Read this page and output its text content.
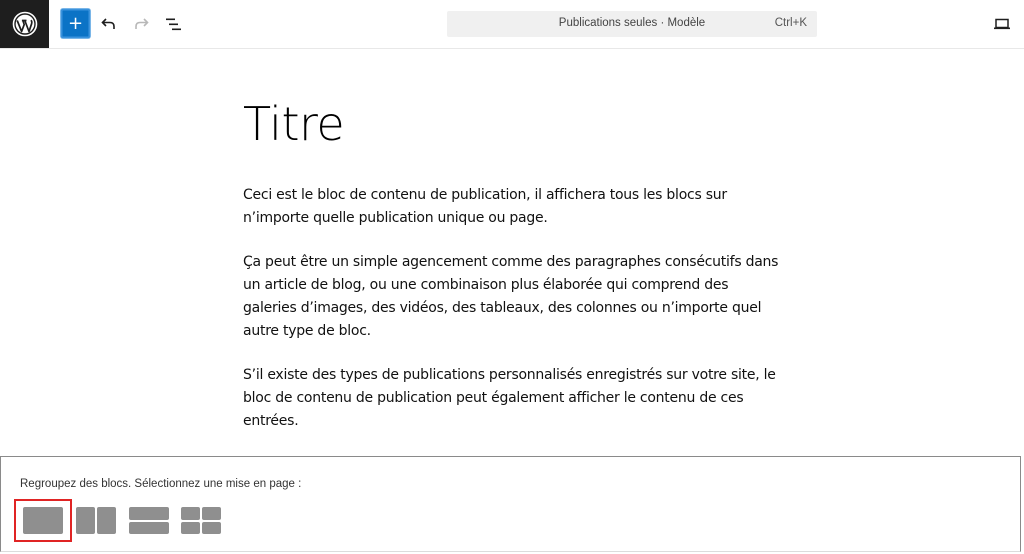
+	Publications seules · Modèle	Ctrl+K
Titre

Ceci est le bloc de contenu de publication, il affichera tous les blocs sur n’importe quelle publication unique ou page.

Ça peut être un simple agencement comme des paragraphes consécutifs dans un article de blog, ou une combinaison plus élaborée qui comprend des galeries d’images, des vidéos, des tableaux, des colonnes ou n’importe quel autre type de bloc.

S’il existe des types de publications personnalisés enregistrés sur votre site, le bloc de contenu de publication peut également afficher le contenu de ces entrées.

Regroupez des blocs. Sélectionnez une mise en page :
